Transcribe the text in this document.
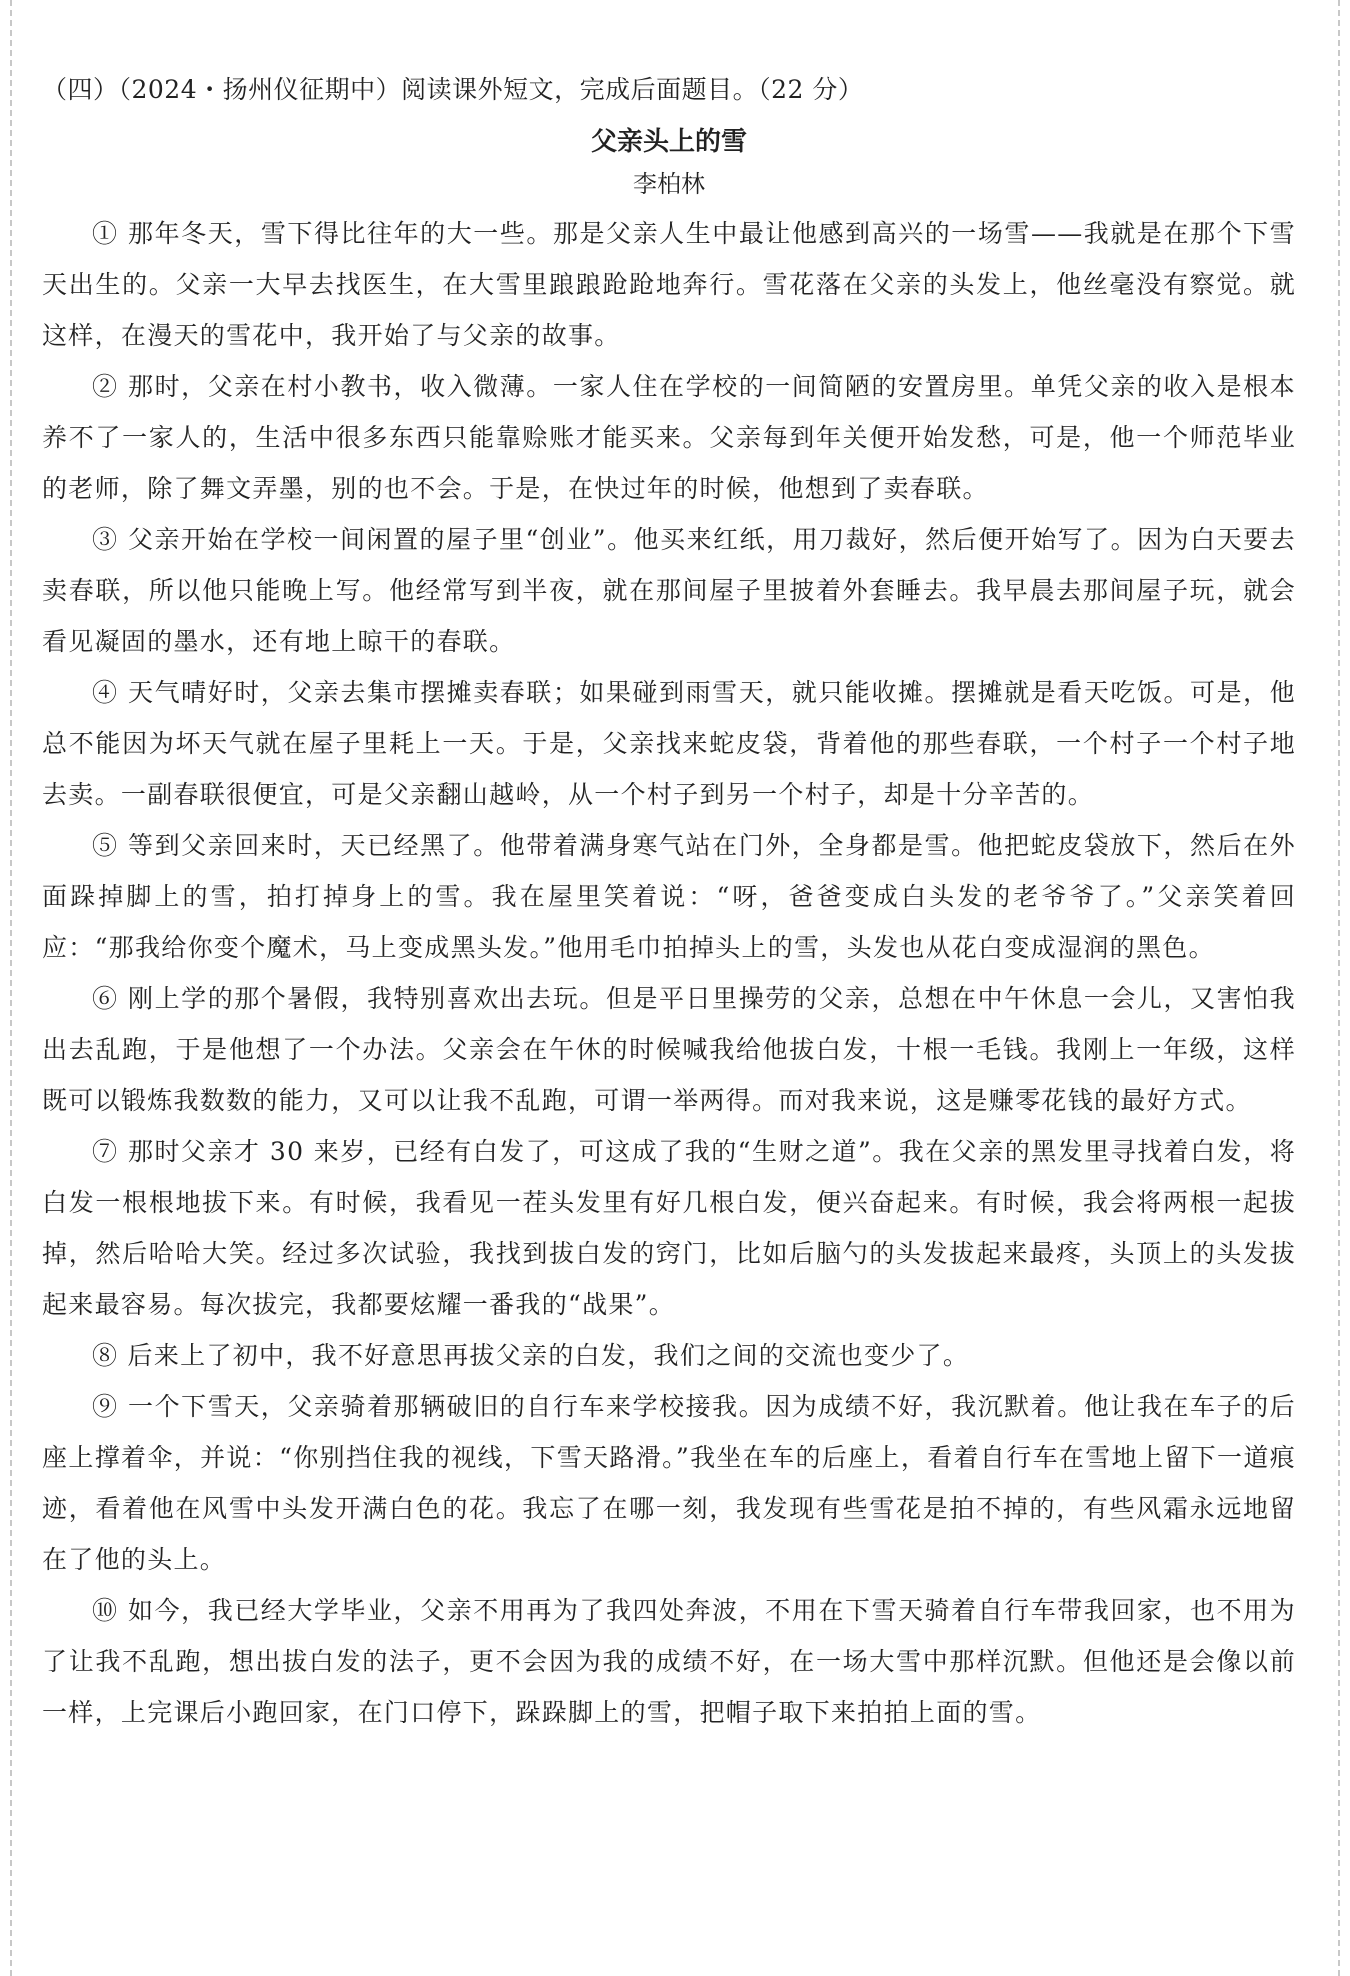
（四）（2024・扬州仪征期中）阅读课外短文，完成后面题目。（22 分）

父亲头上的雪

李柏林

① 那年冬天，雪下得比往年的大一些。那是父亲人生中最让他感到高兴的一场雪——我就是在那个下雪天出生的。父亲一大早去找医生，在大雪里踉踉跄跄地奔行。雪花落在父亲的头发上，他丝毫没有察觉。就这样，在漫天的雪花中，我开始了与父亲的故事。

② 那时，父亲在村小教书，收入微薄。一家人住在学校的一间简陋的安置房里。单凭父亲的收入是根本养不了一家人的，生活中很多东西只能靠赊账才能买来。父亲每到年关便开始发愁，可是，他一个师范毕业的老师，除了舞文弄墨，别的也不会。于是，在快过年的时候，他想到了卖春联。

③ 父亲开始在学校一间闲置的屋子里“创业”。他买来红纸，用刀裁好，然后便开始写了。因为白天要去卖春联，所以他只能晚上写。他经常写到半夜，就在那间屋子里披着外套睡去。我早晨去那间屋子玩，就会看见凝固的墨水，还有地上晾干的春联。

④ 天气晴好时，父亲去集市摆摊卖春联；如果碰到雨雪天，就只能收摊。摆摊就是看天吃饭。可是，他总不能因为坏天气就在屋子里耗上一天。于是，父亲找来蛇皮袋，背着他的那些春联，一个村子一个村子地去卖。一副春联很便宜，可是父亲翻山越岭，从一个村子到另一个村子，却是十分辛苦的。

⑤ 等到父亲回来时，天已经黑了。他带着满身寒气站在门外，全身都是雪。他把蛇皮袋放下，然后在外面跺掉脚上的雪，拍打掉身上的雪。我在屋里笑着说：“呀，爸爸变成白头发的老爷爷了。”父亲笑着回应：“那我给你变个魔术，马上变成黑头发。”他用毛巾拍掉头上的雪，头发也从花白变成湿润的黑色。

⑥ 刚上学的那个暑假，我特别喜欢出去玩。但是平日里操劳的父亲，总想在中午休息一会儿，又害怕我出去乱跑，于是他想了一个办法。父亲会在午休的时候喊我给他拔白发，十根一毛钱。我刚上一年级，这样既可以锻炼我数数的能力，又可以让我不乱跑，可谓一举两得。而对我来说，这是赚零花钱的最好方式。

⑦ 那时父亲才 30 来岁，已经有白发了，可这成了我的“生财之道”。我在父亲的黑发里寻找着白发，将白发一根根地拔下来。有时候，我看见一茬头发里有好几根白发，便兴奋起来。有时候，我会将两根一起拔掉，然后哈哈大笑。经过多次试验，我找到拔白发的窍门，比如后脑勺的头发拔起来最疼，头顶上的头发拔起来最容易。每次拔完，我都要炫耀一番我的“战果”。

⑧ 后来上了初中，我不好意思再拔父亲的白发，我们之间的交流也变少了。

⑨ 一个下雪天，父亲骑着那辆破旧的自行车来学校接我。因为成绩不好，我沉默着。他让我在车子的后座上撑着伞，并说：“你别挡住我的视线，下雪天路滑。”我坐在车的后座上，看着自行车在雪地上留下一道痕迹，看着他在风雪中头发开满白色的花。我忘了在哪一刻，我发现有些雪花是拍不掉的，有些风霜永远地留在了他的头上。

⑩ 如今，我已经大学毕业，父亲不用再为了我四处奔波，不用在下雪天骑着自行车带我回家，也不用为了让我不乱跑，想出拔白发的法子，更不会因为我的成绩不好，在一场大雪中那样沉默。但他还是会像以前一样，上完课后小跑回家，在门口停下，跺跺脚上的雪，把帽子取下来拍拍上面的雪。
